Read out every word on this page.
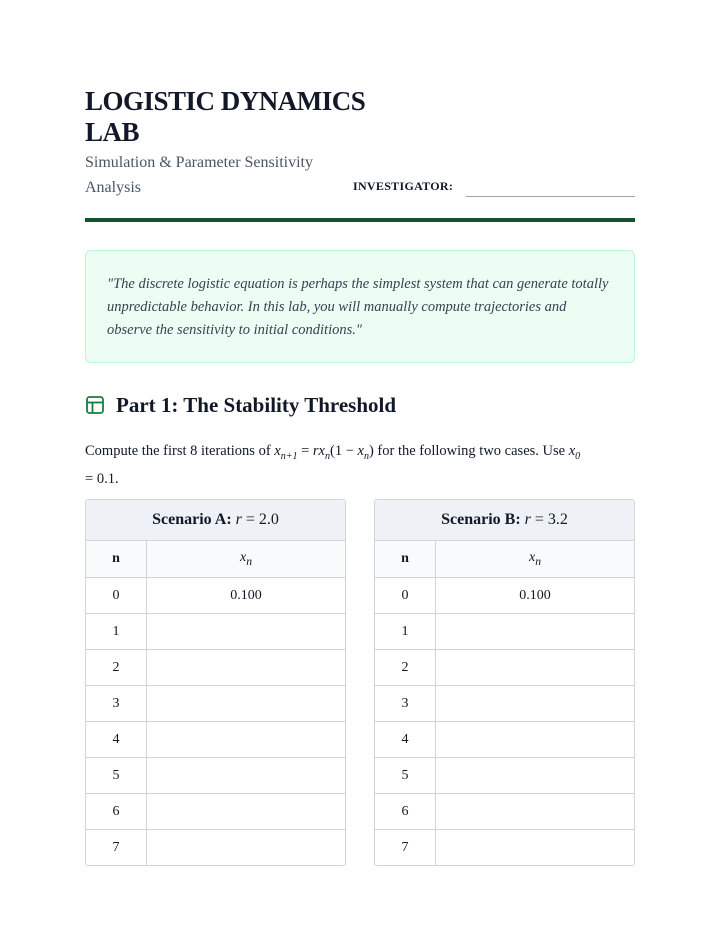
LOGISTIC DYNAMICS LAB
Simulation & Parameter Sensitivity Analysis	INVESTIGATOR:
"The discrete logistic equation is perhaps the simplest system that can generate totally unpredictable behavior. In this lab, you will manually compute trajectories and observe the sensitivity to initial conditions."
Part 1: The Stability Threshold
Compute the first 8 iterations of $x_{n+1} = rx_n(1 - x_n)$ for the following two cases. Use $x_0$
= 0.1.
Scenario A: r = 2.0
n	$x_n$
0	0.100
1	
2	
3	
4	
5	
6	
7	
Scenario B: r = 3.2
n	$x_n$
0	0.100
1	
2	
3	
4	
5	
6	
7	
